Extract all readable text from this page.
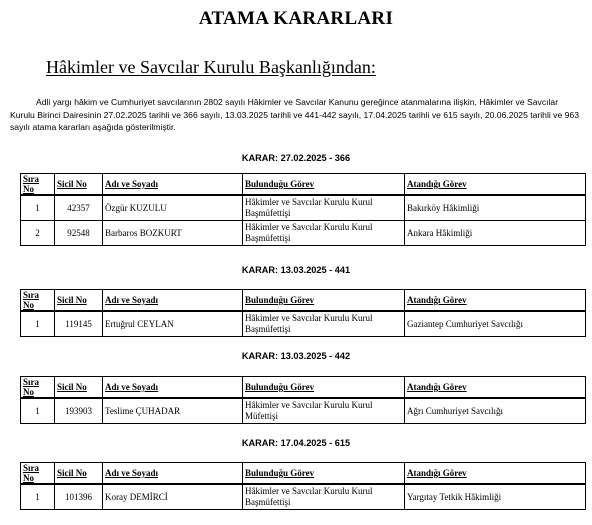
ATAMA KARARLARI
Hâkimler ve Savcılar Kurulu Başkanlığından:
Adli yargı hâkim ve Cumhuriyet savcılarının 2802 sayılı Hâkimler ve Savcılar Kanunu gereğince atanmalarına ilişkin, Hâkimler ve Savcılar Kurulu Birinci Dairesinin 27.02.2025 tarihli ve 366 sayılı, 13.03.2025 tarihli ve 441-442 sayılı, 17.04.2025 tarihli ve 615 sayılı, 20.06.2025 tarihli ve 963 sayılı atama kararları aşağıda gösterilmiştir.
KARAR: 27.02.2025 - 366
Sıra No	Sicil No	Adı ve Soyadı	Bulunduğu Görev	Atandığı Görev
1	42357	Özgür KUZULU	Hâkimler ve Savcılar Kurulu Kurul Başmüfettişi	Bakırköy Hâkimliği
2	92548	Barbaros BOZKURT	Hâkimler ve Savcılar Kurulu Kurul Başmüfettişi	Ankara Hâkimliği
KARAR: 13.03.2025 - 441
Sıra No	Sicil No	Adı ve Soyadı	Bulunduğu Görev	Atandığı Görev
1	119145	Ertuğrul CEYLAN	Hâkimler ve Savcılar Kurulu Kurul Başmüfettişi	Gaziantep Cumhuriyet Savcılığı
KARAR: 13.03.2025 - 442
Sıra No	Sicil No	Adı ve Soyadı	Bulunduğu Görev	Atandığı Görev
1	193903	Teslime ÇUHADAR	Hâkimler ve Savcılar Kurulu Kurul Müfettişi	Ağrı Cumhuriyet Savcılığı
KARAR: 17.04.2025 - 615
Sıra No	Sicil No	Adı ve Soyadı	Bulunduğu Görev	Atandığı Görev
1	101396	Koray DEMİRCİ	Hâkimler ve Savcılar Kurulu Kurul Başmüfettişi	Yargıtay Tetkik Hâkimliği
